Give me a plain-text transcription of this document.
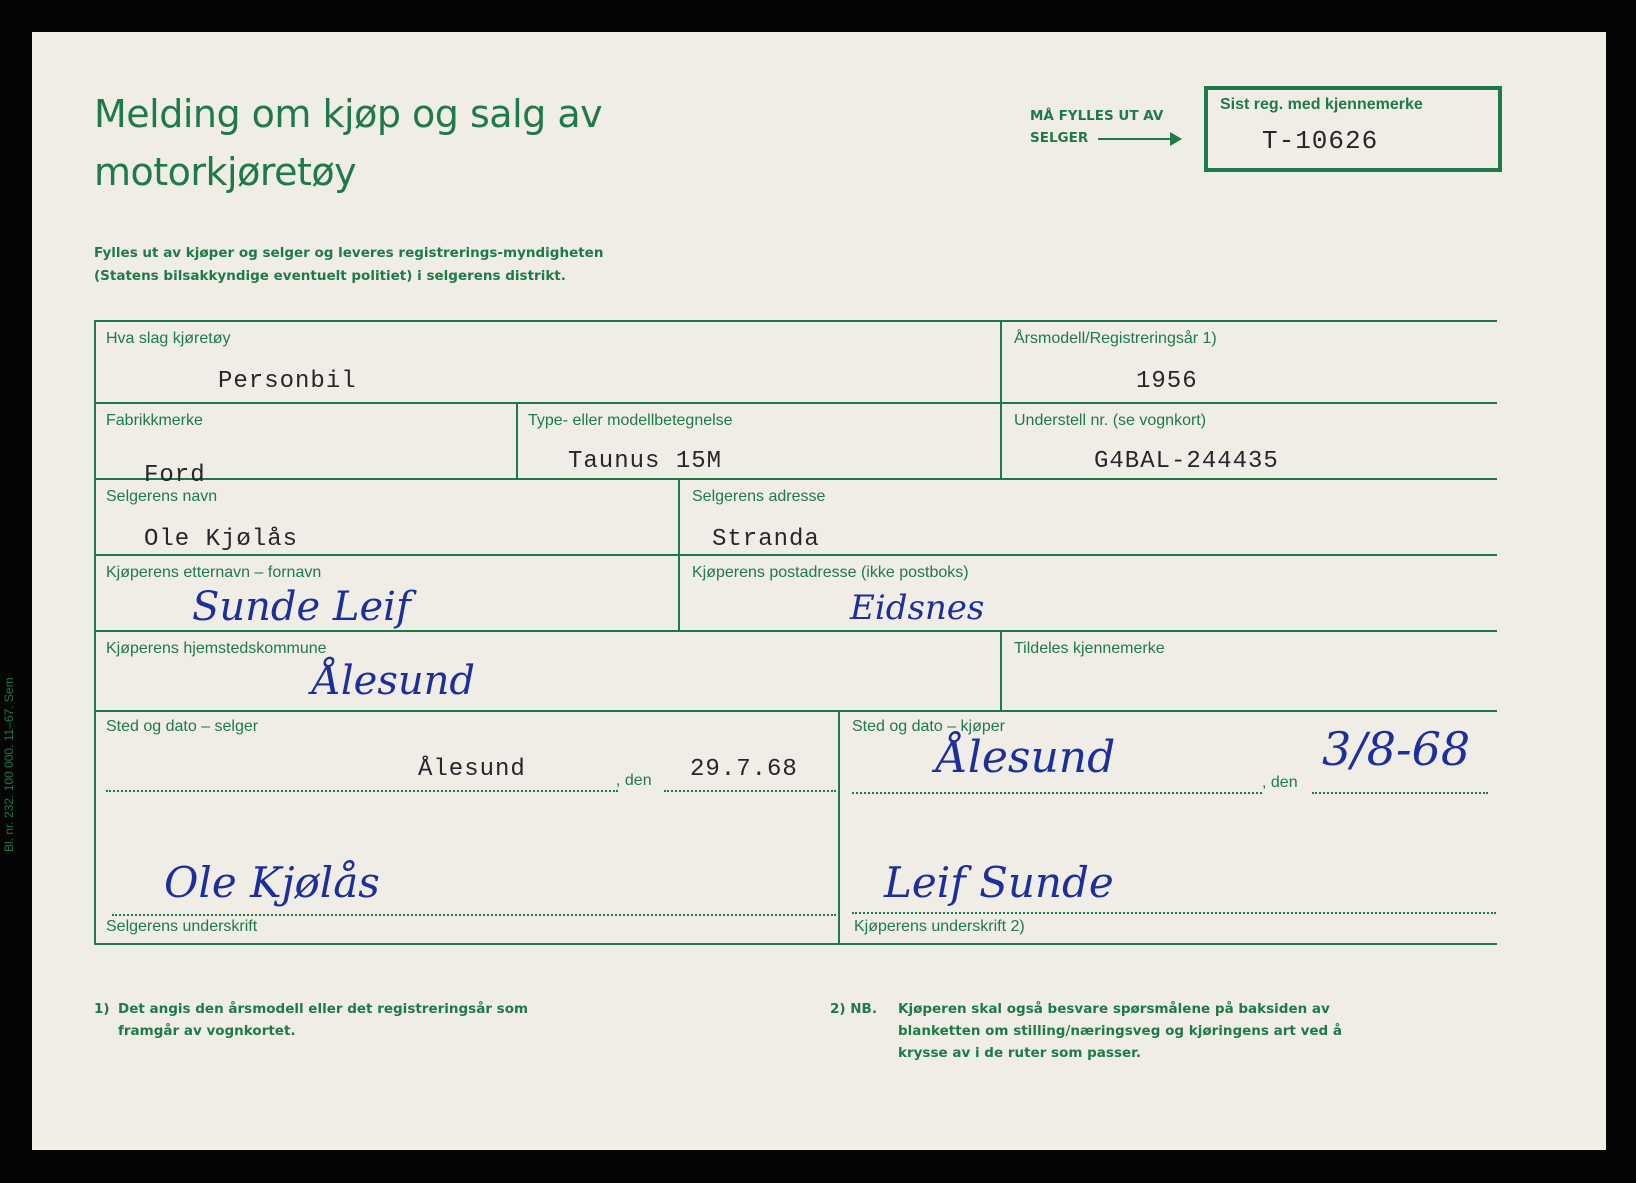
Melding om kjøp og salg av
motorkjøretøy
MÅ FYLLES UT AV
SELGER
Sist reg. med kjennemerke
T-10626
Fylles ut av kjøper og selger og leveres registrerings-myndigheten (Statens bilsakkyndige eventuelt politiet) i selgerens distrikt.
Hva slag kjøretøy
Personbil
Årsmodell/Registreringsår 1)
1956
Fabrikkmerke
Ford
Type- eller modellbetegnelse
Taunus 15M
Understell nr. (se vognkort)
G4BAL-244435
Selgerens navn
Ole Kjølås
Selgerens adresse
Stranda
Kjøperens etternavn – fornavn
Sunde Leif
Kjøperens postadresse (ikke postboks)
Eidsnes
Kjøperens hjemstedskommune
Ålesund
Tildeles kjennemerke
Sted og dato – selger
Ålesund	, den 29.7.68
Sted og dato – kjøper
Ålesund	, den
3/8-68
Ole Kjølås
Selgerens underskrift
Leif Sunde
Kjøperens underskrift 2)
Bl. nr. 232. 100 000. 11–67. Sem
1) Det angis den årsmodell eller det registreringsår som framgår av vognkortet.
2) NB. Kjøperen skal også besvare spørsmålene på baksiden av blanketten om stilling/næringsveg og kjøringens art ved å krysse av i de ruter som passer.
